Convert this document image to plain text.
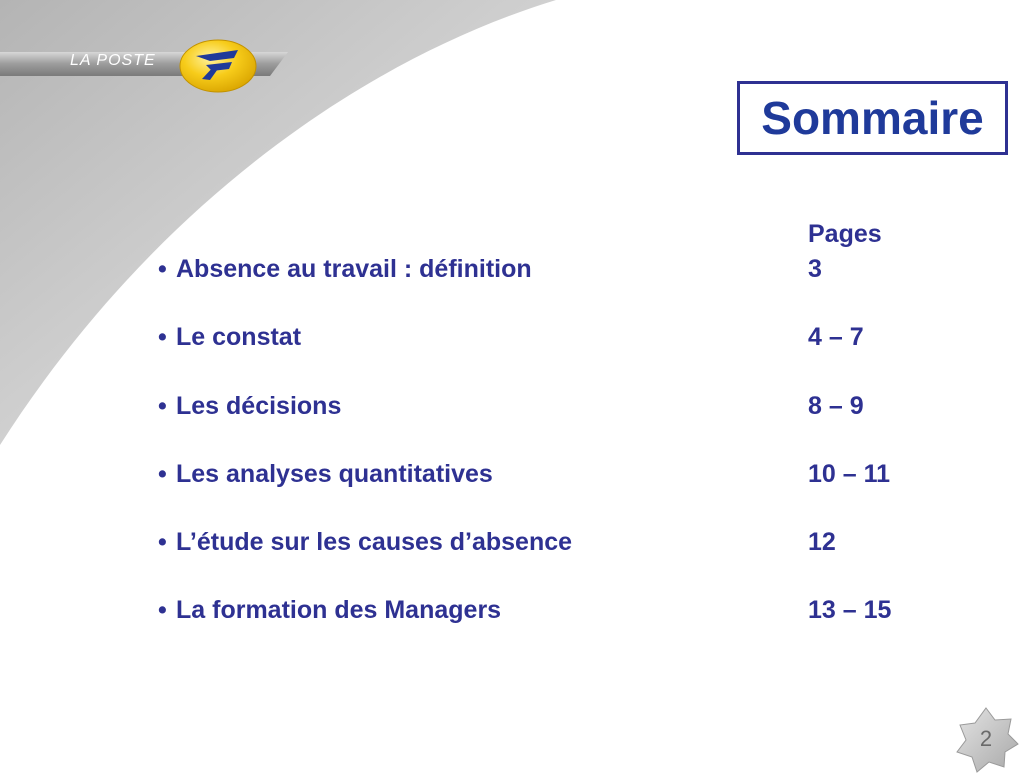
LA POSTE
Sommaire
Pages
• Absence au travail : définition	3
• Le constat	4 – 7
• Les décisions	8 – 9
• Les analyses quantitatives	10 – 11
• L’étude sur les causes d’absence	12
• La formation des Managers	13 – 15
2
